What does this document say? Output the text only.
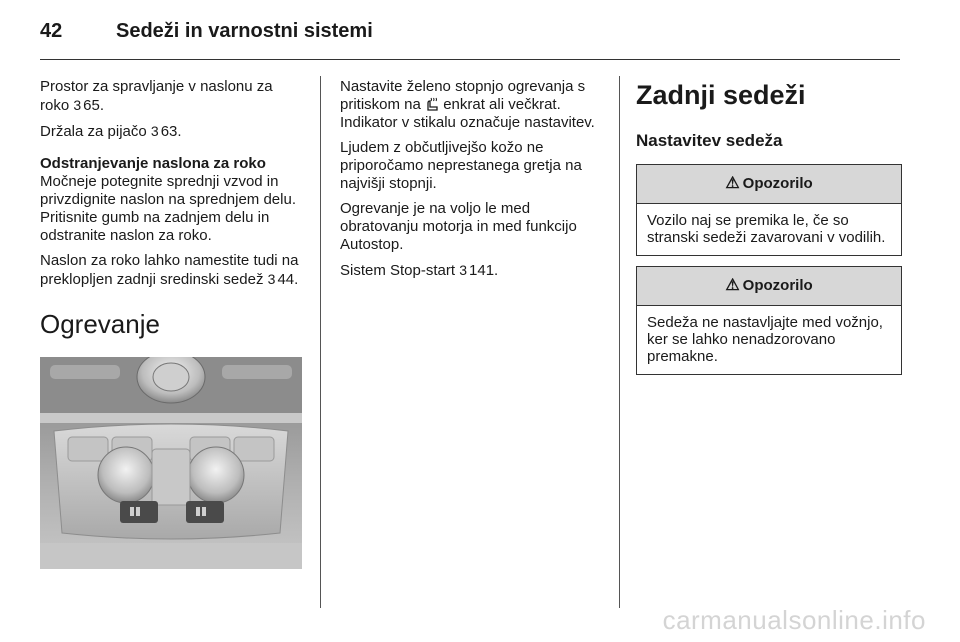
42	Sedeži in varnostni sistemi

Prostor za spravljanje v naslonu za roko 3 65.

Držala za pijačo 3 63.

Odstranjevanje naslona za roko
Močneje potegnite sprednji vzvod in privzdignite naslon na sprednjem delu. Pritisnite gumb na zadnjem delu in odstranite naslon za roko.

Naslon za roko lahko namestite tudi na preklopljen zadnji sredinski sedež 3 44.

Ogrevanje

Nastavite želeno stopnjo ogrevanja s pritiskom na enkrat ali večkrat. Indikator v stikalu označuje nastavitev.

Ljudem z občutljivejšo kožo ne priporočamo neprestanega gretja na najvišji stopnji.

Ogrevanje je na voljo le med obratovanju motorja in med funkcijo Autostop.

Sistem Stop-start 3 141.

Zadnji sedeži
Nastavitev sedeža
⚠ Opozorilo
Vozilo naj se premika le, če so stranski sedeži zavarovani v vodilih.
⚠ Opozorilo
Sedeža ne nastavljajte med vožnjo, ker se lahko nenadzorovano premakne.
carmanualsonline.info
